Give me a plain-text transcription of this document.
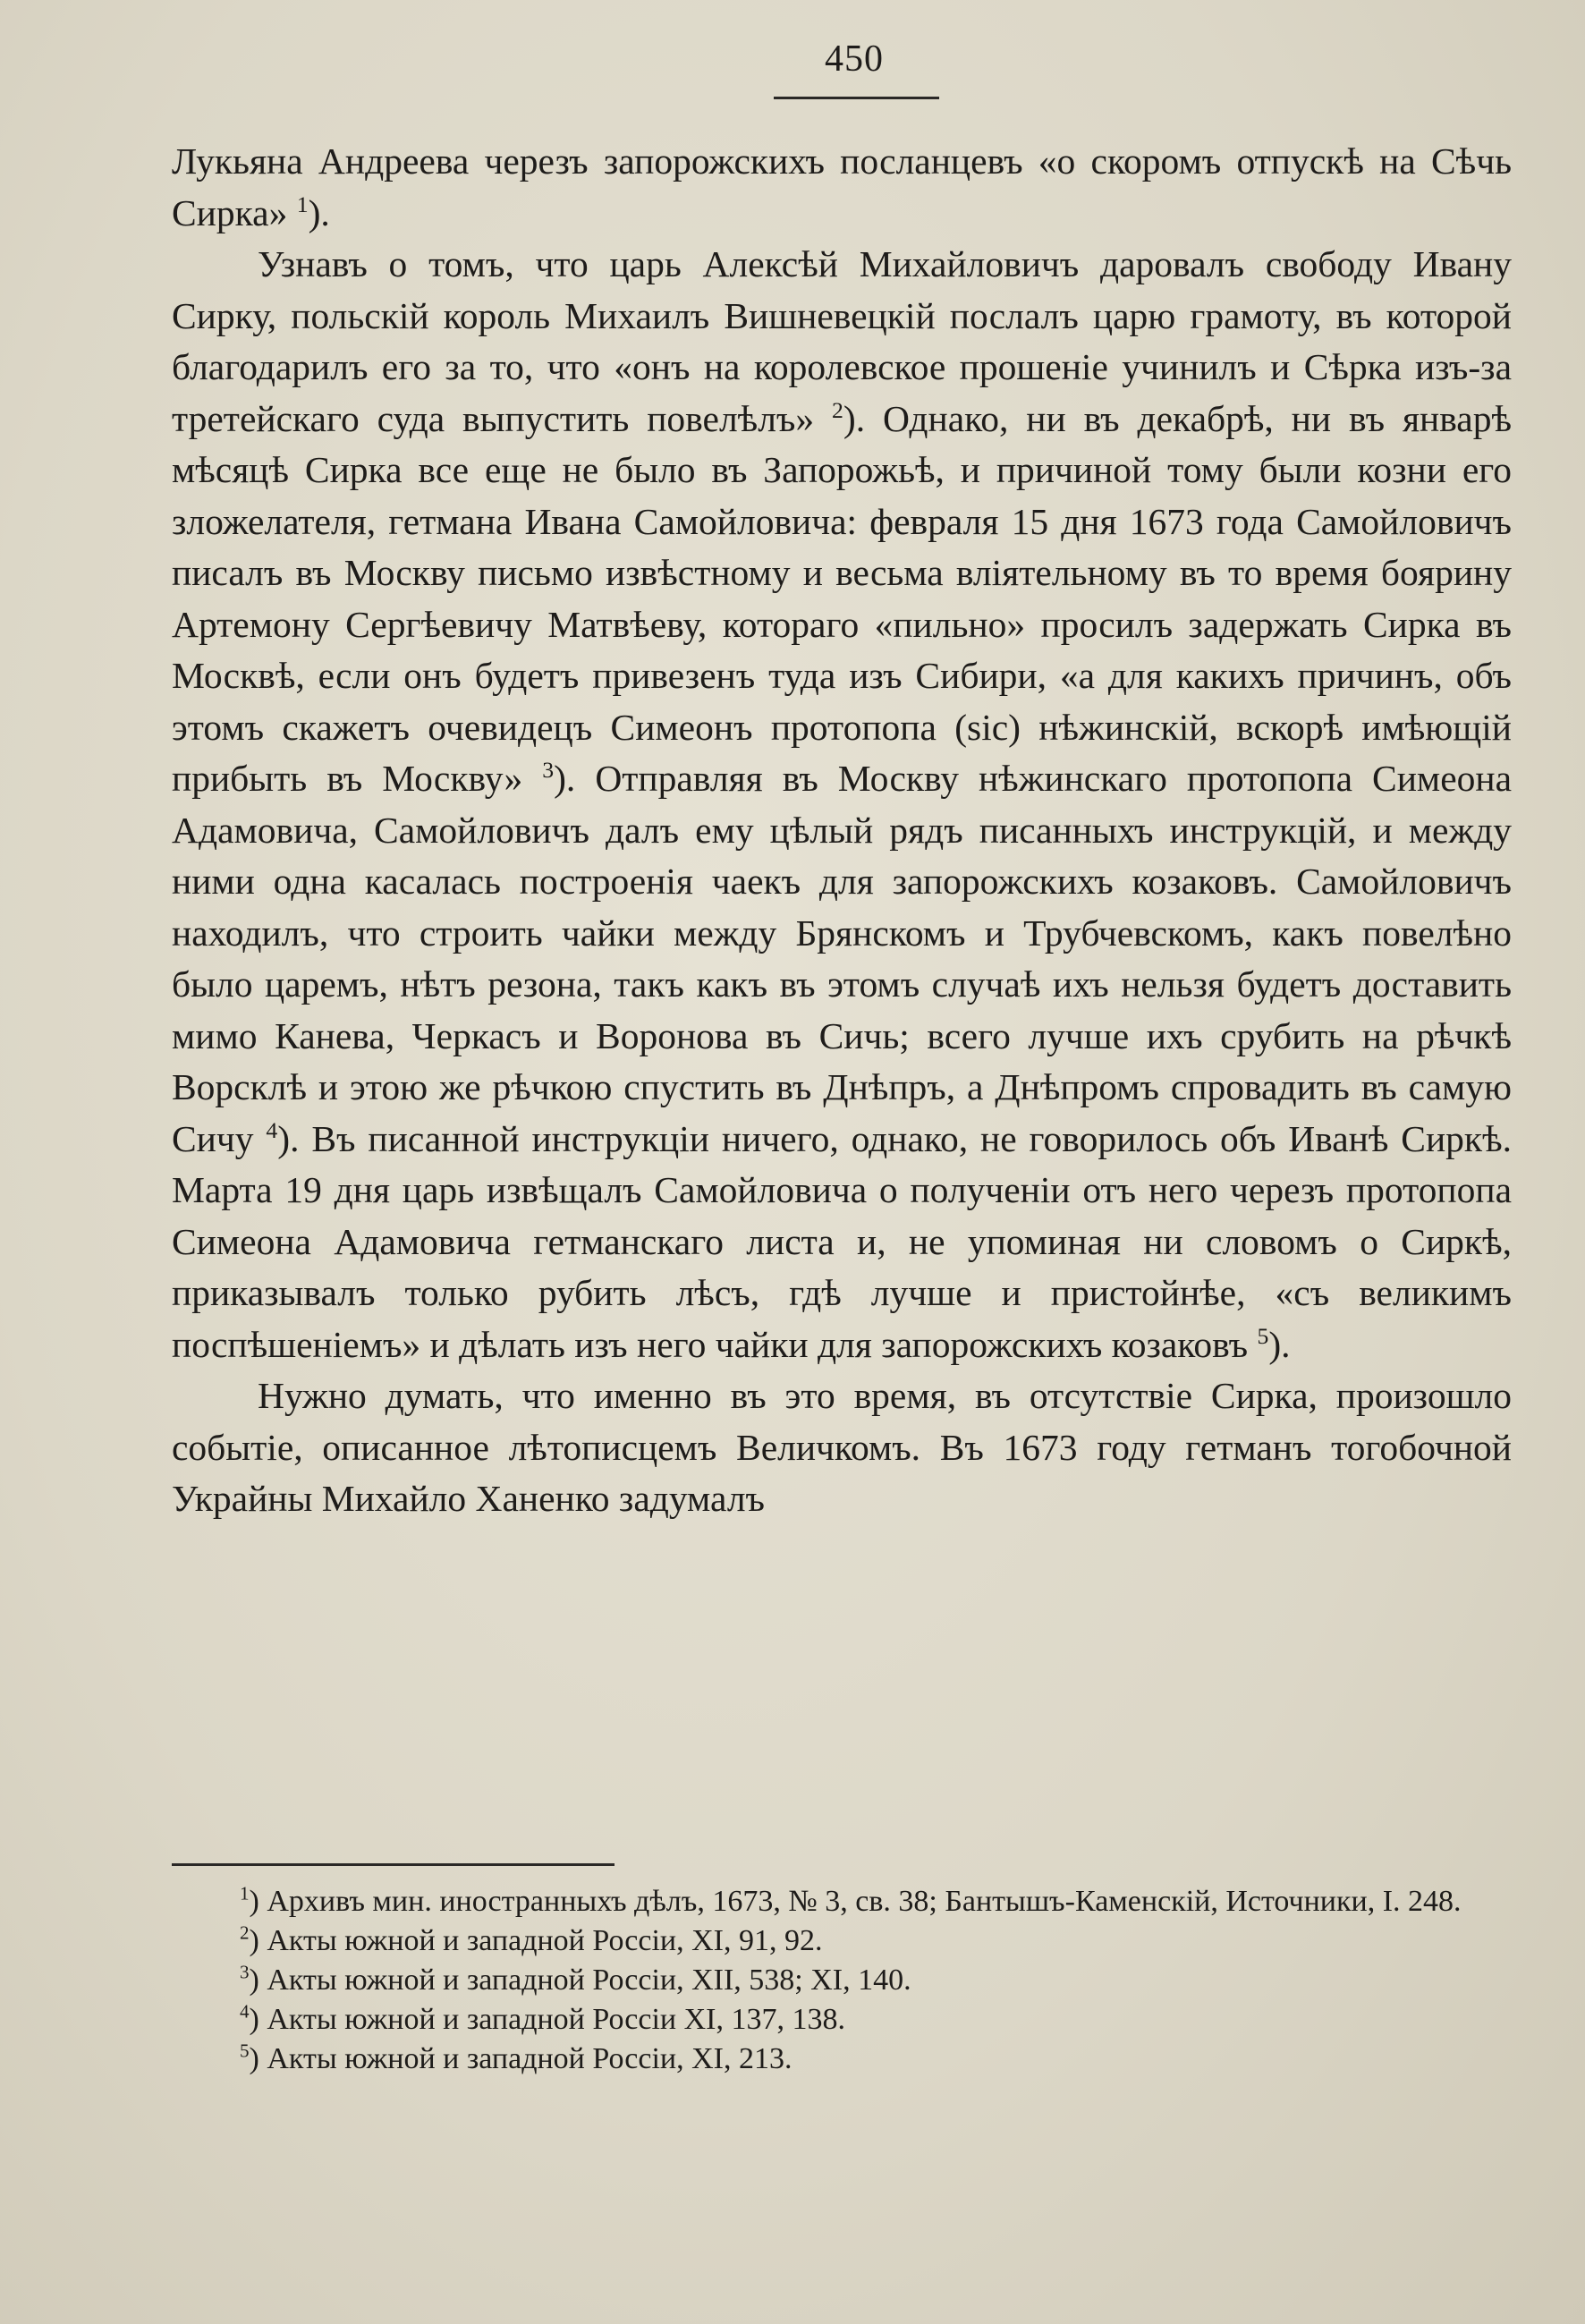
450

Лукьяна Андреева черезъ запорожскихъ посланцевъ «о скоромъ отпускѣ на Сѣчь Сирка» $^1$).

Узнавъ о томъ, что царь Алексѣй Михайловичъ даровалъ свободу Ивану Сирку, польскій король Михаилъ Вишневецкій послалъ царю грамоту, въ которой благодарилъ его за то, что «онъ на королевское прошеніе учинилъ и Сѣрка изъ-за третейскаго суда выпустить повелѣлъ» $^2$). Однако, ни въ декабрѣ, ни въ январѣ мѣсяцѣ Сирка все еще не было въ Запорожьѣ, и причиной тому были козни его зложелателя, гетмана Ивана Самойловича: февраля 15 дня 1673 года Самойловичъ писалъ въ Москву письмо извѣстному и весьма вліятельному въ то время боярину Артемону Сергѣевичу Матвѣеву, котораго «пильно» просилъ задержать Сирка въ Москвѣ, если онъ будетъ привезенъ туда изъ Сибири, «а для какихъ причинъ, объ этомъ скажетъ очевидецъ Симеонъ протопопа (sic) нѣжинскій, вскорѣ имѣющій прибыть въ Москву» $^3$). Отправляя въ Москву нѣжинскаго протопопа Симеона Адамовича, Самойловичъ далъ ему цѣлый рядъ писанныхъ инструкцій, и между ними одна касалась построенія чаекъ для запорожскихъ козаковъ. Самойловичъ находилъ, что строить чайки между Брянскомъ и Трубчевскомъ, какъ повелѣно было царемъ, нѣтъ резона, такъ какъ въ этомъ случаѣ ихъ нельзя будетъ доставить мимо Канева, Черкасъ и Воронова въ Сичь; всего лучше ихъ срубить на рѣчкѣ Ворсклѣ и этою же рѣчкою спустить въ Днѣпръ, а Днѣпромъ спровадить въ самую Сичу $^4$). Въ писанной инструкціи ничего, однако, не говорилось объ Иванѣ Сиркѣ. Марта 19 дня царь извѣщалъ Самойловича о полученіи отъ него черезъ протопопа Симеона Адамовича гетманскаго листа и, не упоминая ни словомъ о Сиркѣ, приказывалъ только рубить лѣсъ, гдѣ лучше и пристойнѣе, «съ великимъ поспѣшеніемъ» и дѣлать изъ него чайки для запорожскихъ козаковъ $^5$).

Нужно думать, что именно въ это время, въ отсутствіе Сирка, произошло событіе, описанное лѣтописцемъ Величкомъ. Въ 1673 году гетманъ тогобочной Украйны Михайло Ханенко задумалъ

$^1$) Архивъ мин. иностранныхъ дѣлъ, 1673, № 3, св. 38; Бантышъ-Каменскій, Источники, I. 248.

$^2$) Акты южной и западной Россіи, XI, 91, 92.

$^3$) Акты южной и западной Россіи, XII, 538; XI, 140.

$^4$) Акты южной и западной Россіи XI, 137, 138.

$^5$) Акты южной и западной Россіи, XI, 213.
